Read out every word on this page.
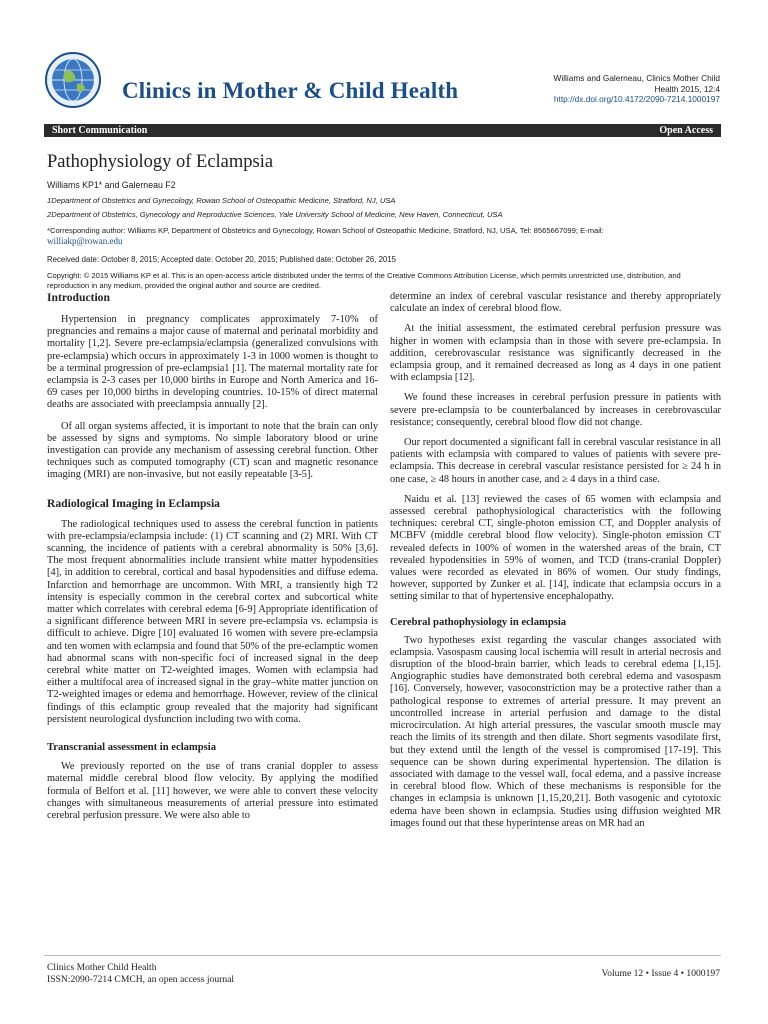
Clinics in Mother & Child Health	Williams and Galerneau, Clinics Mother Child
Health 2015, 12:4
http://dx.doi.org/10.4172/2090-7214.1000197
Short Communication	Open Access
Pathophysiology of Eclampsia
Williams KP1* and Galerneau F2
1Department of Obstetrics and Gynecology, Rowan School of Osteopathic Medicine, Stratford, NJ, USA
2Department of Obstetrics, Gynecology and Reproductive Sciences, Yale University School of Medicine, New Haven, Connecticut, USA
*Corresponding author: Williams KP, Department of Obstetrics and Gynecology, Rowan School of Osteopathic Medicine, Stratford, NJ, USA, Tel: 8565667099; E-mail:
williakp@rowan.edu
Received date: October 8, 2015; Accepted date: October 20, 2015; Published date: October 26, 2015
Copyright: © 2015 Williams KP et al. This is an open-access article distributed under the terms of the Creative Commons Attribution License, which permits unrestricted use, distribution, and reproduction in any medium, provided the original author and source are credited.
Introduction

Hypertension in pregnancy complicates approximately 7-10% of pregnancies and remains a major cause of maternal and perinatal morbidity and mortality [1,2]. Severe pre-eclampsia/eclampsia (generalized convulsions with pre-eclampsia) which occurs in approximately 1-3 in 1000 women is thought to be a terminal progression of pre-eclampsia1 [1]. The maternal mortality rate for eclampsia is 2-3 cases per 10,000 births in Europe and North America and 16-69 cases per 10,000 births in developing countries. 10-15% of direct maternal deaths are associated with preeclampsia annually [2].

Of all organ systems affected, it is important to note that the brain can only be assessed by signs and symptoms. No simple laboratory blood or urine investigation can provide any mechanism of assessing cerebral function. Other techniques such as computed tomography (CT) scan and magnetic resonance imaging (MRI) are non-invasive, but not easily repeatable [3-5].

Radiological Imaging in Eclampsia

The radiological techniques used to assess the cerebral function in patients with pre-eclampsia/eclampsia include: (1) CT scanning and (2) MRI. With CT scanning, the incidence of patients with a cerebral abnormality is 50% [3,6]. The most frequent abnormalities include transient white matter hypodensities [4], in addition to cerebral, cortical and basal hypodensities and diffuse edema. Infarction and hemorrhage are uncommon. With MRI, a transiently high T2 intensity is especially common in the cerebral cortex and subcortical white matter which correlates with cerebral edema [6-9] Appropriate identification of a significant difference between MRI in severe pre-eclampsia vs. eclampsia is difficult to achieve. Digre [10] evaluated 16 women with severe pre-eclampsia and ten women with eclampsia and found that 50% of the pre-eclamptic women had abnormal scans with non-specific foci of increased signal in the deep cerebral white matter on T2-weighted images. Women with eclampsia had either a multifocal area of increased signal in the gray–white matter junction on T2-weighted images or edema and hemorrhage. However, review of the clinical findings of this eclamptic group revealed that the majority had significant persistent neurological dysfunction including two with coma.

Transcranial assessment in eclampsia

We previously reported on the use of trans cranial doppler to assess maternal middle cerebral blood flow velocity. By applying the modified formula of Belfort et al. [11] however, we were able to convert these velocity changes with simultaneous measurements of arterial pressure into estimated cerebral perfusion pressure. We were also able to

determine an index of cerebral vascular resistance and thereby appropriately calculate an index of cerebral blood flow.

At the initial assessment, the estimated cerebral perfusion pressure was higher in women with eclampsia than in those with severe pre-eclampsia. In addition, cerebrovascular resistance was significantly decreased in the eclampsia group, and it remained decreased as long as 4 days in one patient with eclampsia [12].

We found these increases in cerebral perfusion pressure in patients with severe pre-eclampsia to be counterbalanced by increases in cerebrovascular resistance; consequently, cerebral blood flow did not change.

Our report documented a significant fall in cerebral vascular resistance in all patients with eclampsia with compared to values of patients with severe pre-eclampsia. This decrease in cerebral vascular resistance persisted for ≥ 24 h in one case, ≥ 48 hours in another case, and ≥ 4 days in a third case.

Naidu et al. [13] reviewed the cases of 65 women with eclampsia and assessed cerebral pathophysiological characteristics with the following techniques: cerebral CT, single-photon emission CT, and Doppler analysis of MCBFV (middle cerebral blood flow velocity). Single-photon emission CT revealed defects in 100% of women in the watershed areas of the brain, CT revealed hypodensities in 59% of women, and TCD (trans-cranial Doppler) values were recorded as elevated in 86% of women. Our study findings, however, supported by Zunker et al. [14], indicate that eclampsia occurs in a setting similar to that of hypertensive encephalopathy.

Cerebral pathophysiology in eclampsia

Two hypotheses exist regarding the vascular changes associated with eclampsia. Vasospasm causing local ischemia will result in arterial necrosis and disruption of the blood-brain barrier, which leads to cerebral edema [1,15]. Angiographic studies have demonstrated both cerebral edema and vasospasm [16]. Conversely, however, vasoconstriction may be a protective rather than a pathological response to extremes of arterial pressure. It may prevent an uncontrolled increase in arterial perfusion and damage to the distal microcirculation. At high arterial pressures, the vascular smooth muscle may reach the limits of its strength and then dilate. Short segments vasodilate first, but they extend until the length of the vessel is compromised [17-19]. This sequence can be shown during experimental hypertension. The dilation is associated with damage to the vessel wall, focal edema, and a passive increase in cerebral blood flow. Which of these mechanisms is responsible for the changes in eclampsia is unknown [1,15,20,21]. Both vasogenic and cytotoxic edema have been shown in eclampsia. Studies using diffusion weighted MR images found out that these hyperintense areas on MR had an

Clinics Mother Child Health
ISSN:2090-7214 CMCH, an open access journal	Volume 12 • Issue 4 • 1000197
